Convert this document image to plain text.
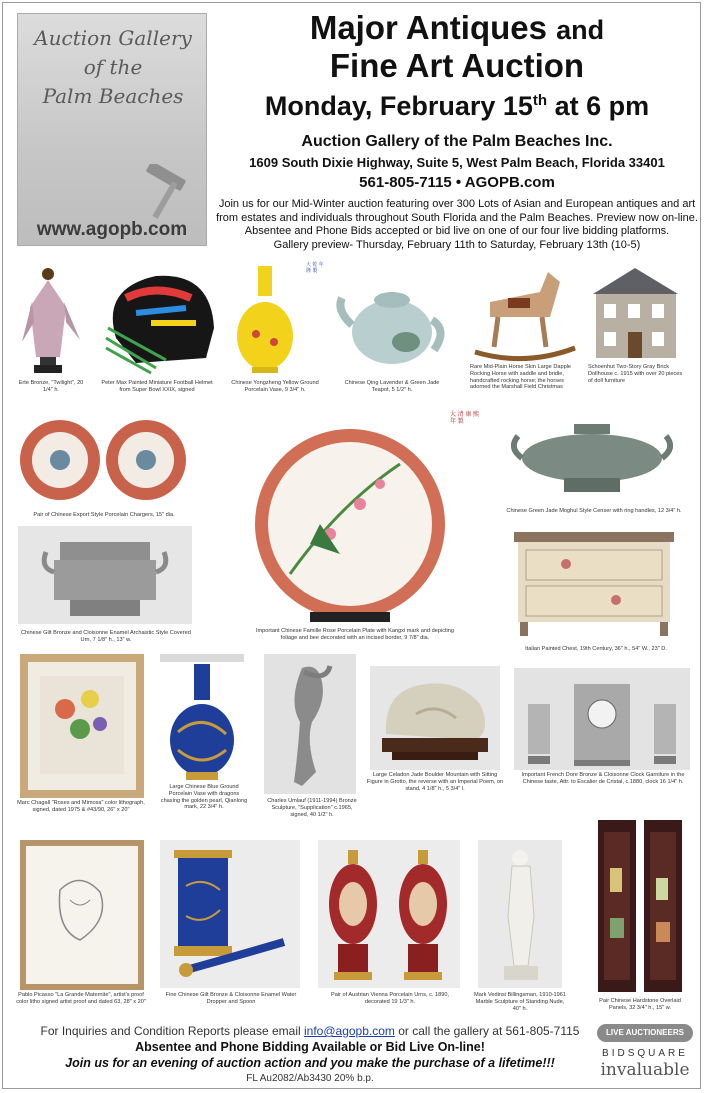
Auction Gallery
of the
Palm Beaches
www.agopb.com
Major Antiques and
Fine Art Auction
Monday, February 15th at 6 pm
Auction Gallery of the Palm Beaches Inc.
1609 South Dixie Highway, Suite 5, West Palm Beach, Florida 33401
561-805-7115 • AGOPB.com
Join us for our Mid-Winter auction featuring over 300 Lots of Asian and European antiques and art
from estates and individuals throughout South Florida and the Palm Beaches. Preview now on-line.
Absentee and Phone Bids accepted or bid live on one of our four live bidding platforms.
Gallery preview- Thursday, February 11th to Saturday, February 13th (10-5)
Erte Bronze, "Twilight", 20 1/4" h.
Peter Max Painted Miniature Football Helmet from Super Bowl XXIX, signed
大 乾 年 隆 製
Chinese Yongzheng Yellow Ground Porcelain Vase, 9 3/4" h.
Chinese Qing Lavender & Green Jade Teapot, 5 1/2" h.
Rare Mid-Plain Horse Skin Large Dapple Rocking Horse with saddle and bridle, handcrafted rocking horse; the horses adorned the Marshall Field Christmas
Schoenhut Two-Story Gray Brick Dollhouse c. 1915 with over 20 pieces of doll furniture
Pair of Chinese Export Style Porcelain Chargers, 15" dia.
大 清 康 熙 年 製
Important Chinese Famille Rose Porcelain Plate with Kangxi mark and depicting foliage and bee decorated with an incised border, 9 7/8" dia.
Chinese Green Jade Moghul Style Censer with ring handles, 12 3/4" h.
Chinese Gilt Bronze and Cloisonne Enamel Archaistic Style Covered Urn, 7 1/8" h., 13" w.
Italian Painted Chest, 19th Century, 36" h., 54" W., 23" D.
Marc Chagall "Roses and Mimosa" color lithograph, signed, dated 1975 & #43/90, 26" x 20"
Large Chinese Blue Ground Porcelain Vase with dragons chasing the golden pearl, Qianlong mark, 22 3/4" h.
Charles Umlauf (1911-1994) Bronze Sculpture, "Supplication" c.1965, signed, 40 1/2" h.
Large Celadon Jade Boulder Mountain with Sitting Figure in Grotto, the reverse with an Imperial Poem, on stand, 4 1/8" h., 5 3/4" l.
Important French Dore Bronze & Cloisonne Clock Garniture in the Chinese taste, Attr. to Escalier de Cristal, c.1880, clock 16 1/4" h.
Pablo Picasso "La Grande Maternite", artist's proof color litho signed artist proof and dated 63, 28" x 20"
Fine Chinese Gilt Bronze & Cloisonne Enamel Water Dropper and Spoon
Pair of Austrian Vienna Porcelain Urns, c. 1890, decorated 19 1/3" h.
Mark Vedinsi Billingsman, 1910-1961 Marble Sculpture of Standing Nude, 40" h.
Pair Chinese Hardstone Overlaid Panels, 32 3/4" h., 15" w.
For Inquiries and Condition Reports please email info@agopb.com or call the gallery at 561-805-7115
Absentee and Phone Bidding Available or Bid Live On-line!
Join us for an evening of auction action and you make the purchase of a lifetime!!!
FL Au2082/Ab3430 20% b.p.
LIVE AUCTIONEERS
BIDSQUARE
invaluable
